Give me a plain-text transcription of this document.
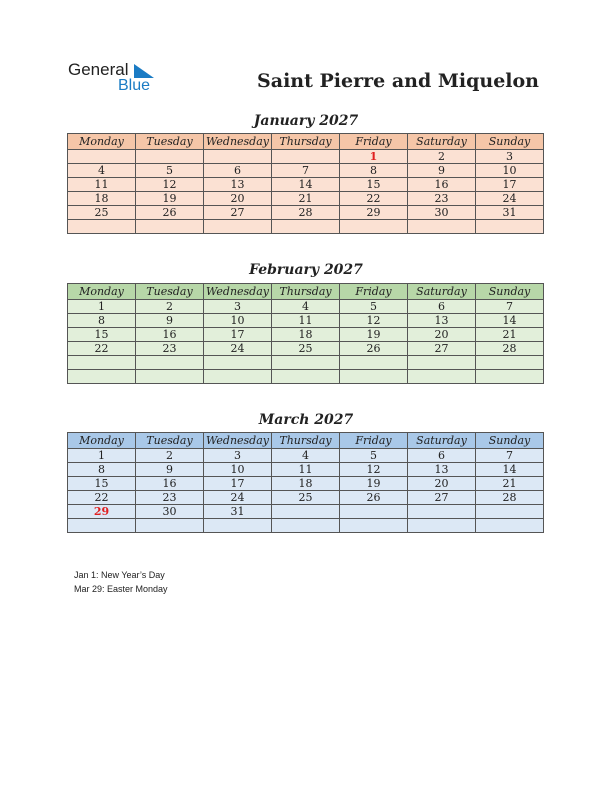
General
Blue	Saint Pierre and Miquelon
January 2027
Monday	Tuesday	Wednesday	Thursday	Friday	Saturday	Sunday
				1	2	3
4	5	6	7	8	9	10
11	12	13	14	15	16	17
18	19	20	21	22	23	24
25	26	27	28	29	30	31

February 2027
Monday	Tuesday	Wednesday	Thursday	Friday	Saturday	Sunday
1	2	3	4	5	6	7
8	9	10	11	12	13	14
15	16	17	18	19	20	21
22	23	24	25	26	27	28

March 2027
Monday	Tuesday	Wednesday	Thursday	Friday	Saturday	Sunday
1	2	3	4	5	6	7
8	9	10	11	12	13	14
15	16	17	18	19	20	21
22	23	24	25	26	27	28
29	30	31				

Jan 1: New Year’s Day
Mar 29: Easter Monday
